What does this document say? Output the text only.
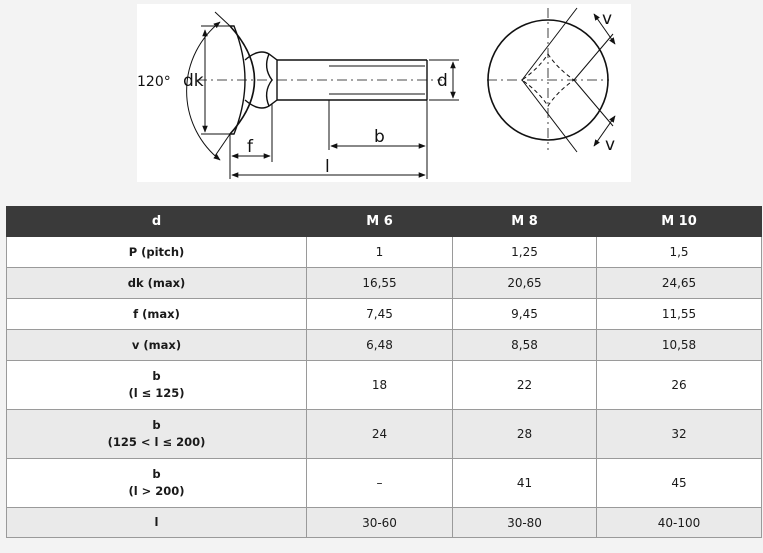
120° dk	d
f	b
l
v
v
d	M 6	M 8	M 10
P (pitch)	1	1,25	1,5
dk (max)	16,55	20,65	24,65
f (max)	7,45	9,45	11,55
v (max)	6,48	8,58	10,58

b
(l ≤ 125)	18	22	26

b
(125 < l ≤ 200)	24	28	32

b
(l > 200)	–	41	45
l	30-60	30-80	40-100
